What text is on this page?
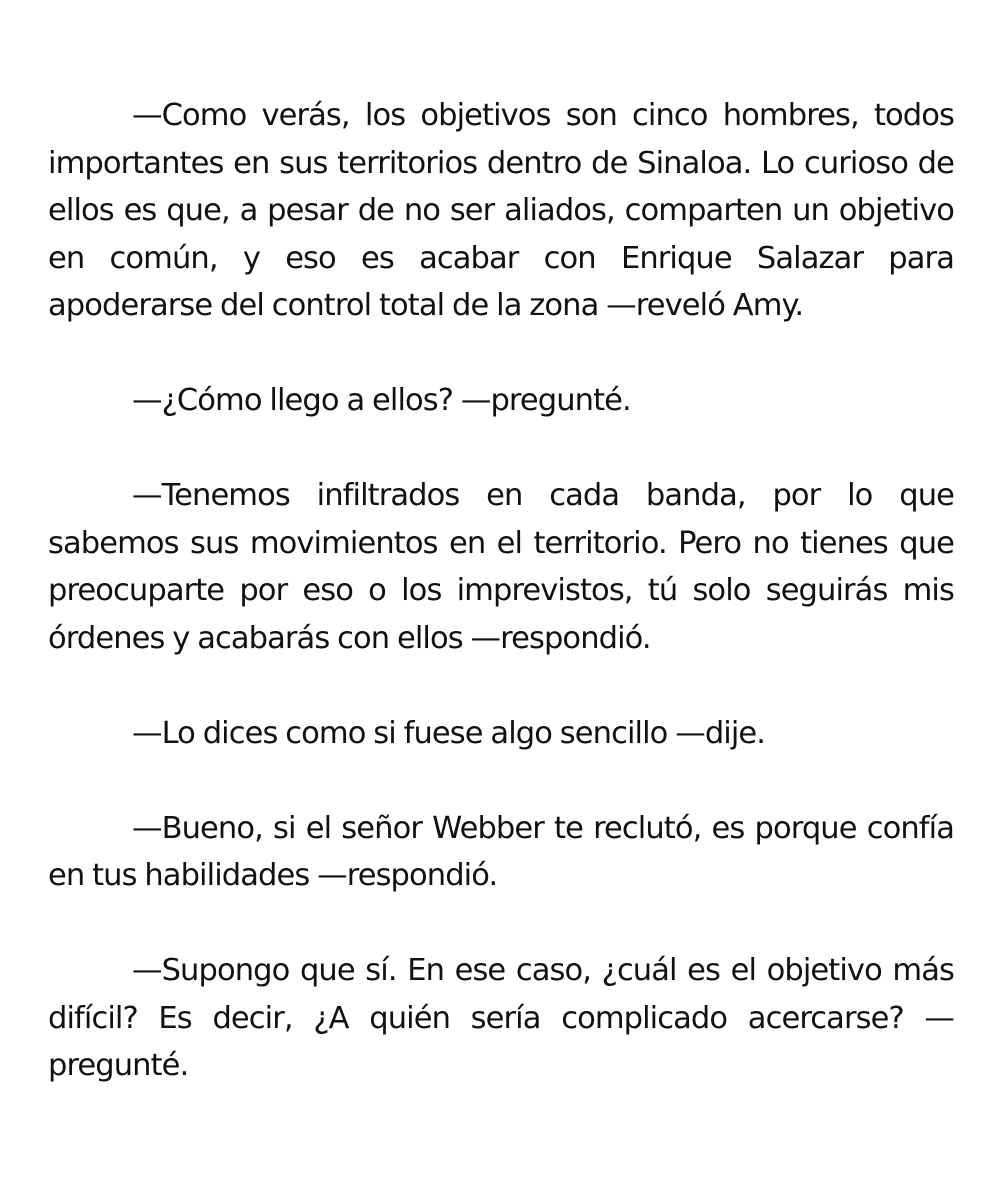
—Como verás, los objetivos son cinco hombres, todos importantes en sus territorios dentro de Sinaloa. Lo curioso de ellos es que, a pesar de no ser aliados, comparten un objetivo en común, y eso es acabar con Enrique Salazar para apoderarse del control total de la zona —reveló Amy.

—¿Cómo llego a ellos? —pregunté.

—Tenemos infiltrados en cada banda, por lo que sabemos sus movimientos en el territorio. Pero no tienes que preocuparte por eso o los imprevistos, tú solo seguirás mis órdenes y acabarás con ellos —respondió.

—Lo dices como si fuese algo sencillo —dije.

—Bueno, si el señor Webber te reclutó, es porque confía en tus habilidades —respondió.

—Supongo que sí. En ese caso, ¿cuál es el objetivo más difícil? Es decir, ¿A quién sería complicado acercarse? —pregunté.
